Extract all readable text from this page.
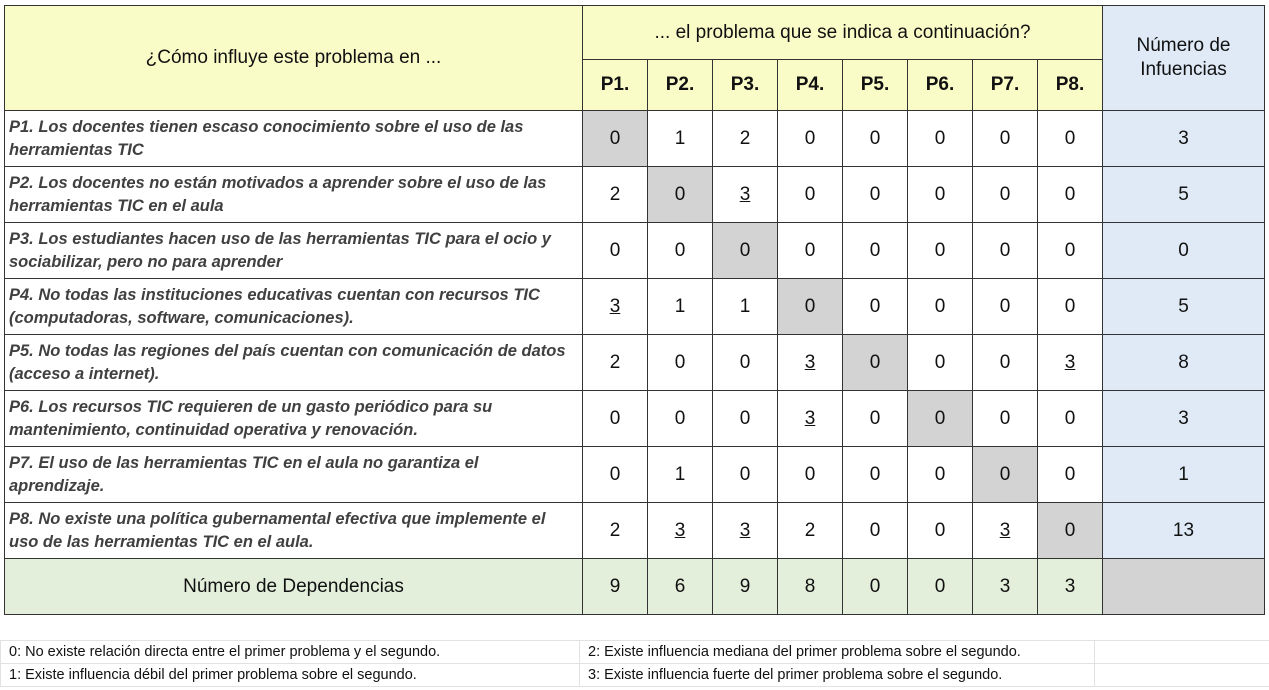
¿Cómo influye este problema en ...	... el problema que se indica a continuación?								Número de Infuencias
	P1.	P2.	P3.	P4.	P5.	P6.	P7.	P8.	
P1. Los docentes tienen escaso conocimiento sobre el uso de las herramientas TIC	0	1	2	0	0	0	0	0	3
P2. Los docentes no están motivados a aprender sobre el uso de las herramientas TIC en el aula	2	0	3	0	0	0	0	0	5
P3. Los estudiantes hacen uso de las herramientas TIC para el ocio y sociabilizar, pero no para aprender	0	0	0	0	0	0	0	0	0
P4. No todas las instituciones educativas cuentan con recursos TIC (computadoras, software, comunicaciones).	3	1	1	0	0	0	0	0	5
P5. No todas las regiones del país cuentan con comunicación de datos (acceso a internet).	2	0	0	3	0	0	0	3	8
P6. Los recursos TIC requieren de un gasto periódico para su mantenimiento, continuidad operativa y renovación.	0	0	0	3	0	0	0	0	3
P7. El uso de las herramientas TIC en el aula no garantiza el aprendizaje.	0	1	0	0	0	0	0	0	1
P8. No existe una política gubernamental efectiva que implemente el uso de las herramientas TIC en el aula.	2	3	3	2	0	0	3	0	13
Número de Dependencias	9	6	9	8	0	0	3	3	
0: No existe relación directa entre el primer problema y el segundo.	2: Existe influencia mediana del primer problema sobre el segundo.	
1: Existe influencia débil del primer problema sobre el segundo.	3: Existe influencia fuerte del primer problema sobre el segundo.	
